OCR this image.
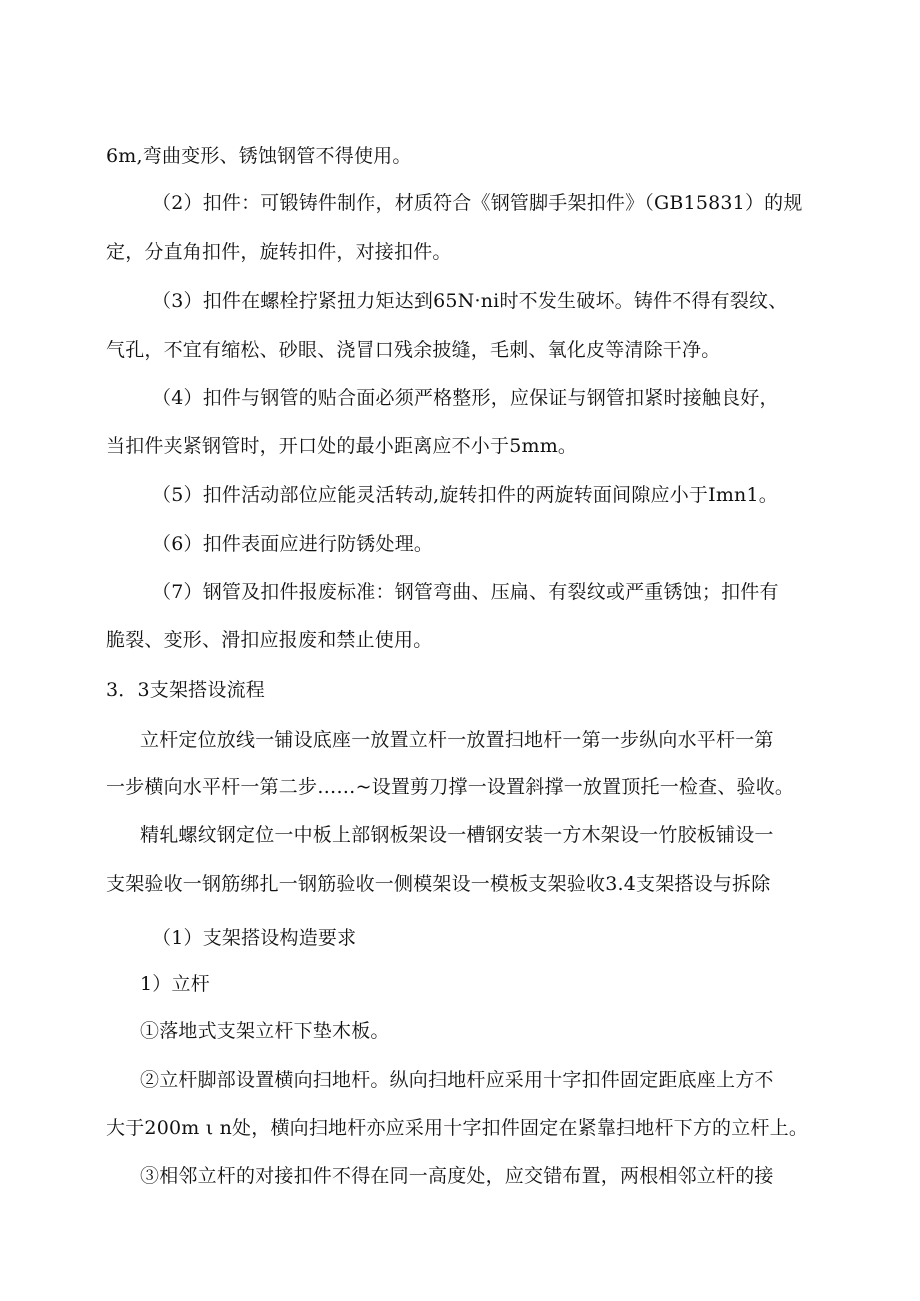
6m,弯曲变形、锈蚀钢管不得使用。
（2）扣件：可锻铸件制作，材质符合《钢管脚手架扣件》（GB15831）的规
定，分直角扣件，旋转扣件，对接扣件。
（3）扣件在螺栓拧紧扭力矩达到65N·ni时不发生破坏。铸件不得有裂纹、
气孔，不宜有缩松、砂眼、浇冒口残余披缝，毛刺、氧化皮等清除干净。
（4）扣件与钢管的贴合面必须严格整形，应保证与钢管扣紧时接触良好，
当扣件夹紧钢管时，开口处的最小距离应不小于5mm。
（5）扣件活动部位应能灵活转动,旋转扣件的两旋转面间隙应小于Imn1。
（6）扣件表面应进行防锈处理。
（7）钢管及扣件报废标准：钢管弯曲、压扁、有裂纹或严重锈蚀；扣件有
脆裂、变形、滑扣应报废和禁止使用。
3．3支架搭设流程
立杆定位放线一铺设底座一放置立杆一放置扫地杆一第一步纵向水平杆一第
一步横向水平杆一第二步……~设置剪刀撑一设置斜撑一放置顶托一检查、验收。
精轧螺纹钢定位一中板上部钢板架设一槽钢安装一方木架设一竹胶板铺设一
支架验收一钢筋绑扎一钢筋验收一侧模架设一模板支架验收3.4支架搭设与拆除
（1）支架搭设构造要求
1）立杆
①落地式支架立杆下垫木板。
②立杆脚部设置横向扫地杆。纵向扫地杆应采用十字扣件固定距底座上方不
大于200m ι n处，横向扫地杆亦应采用十字扣件固定在紧靠扫地杆下方的立杆上。
③相邻立杆的对接扣件不得在同一高度处，应交错布置，两根相邻立杆的接
